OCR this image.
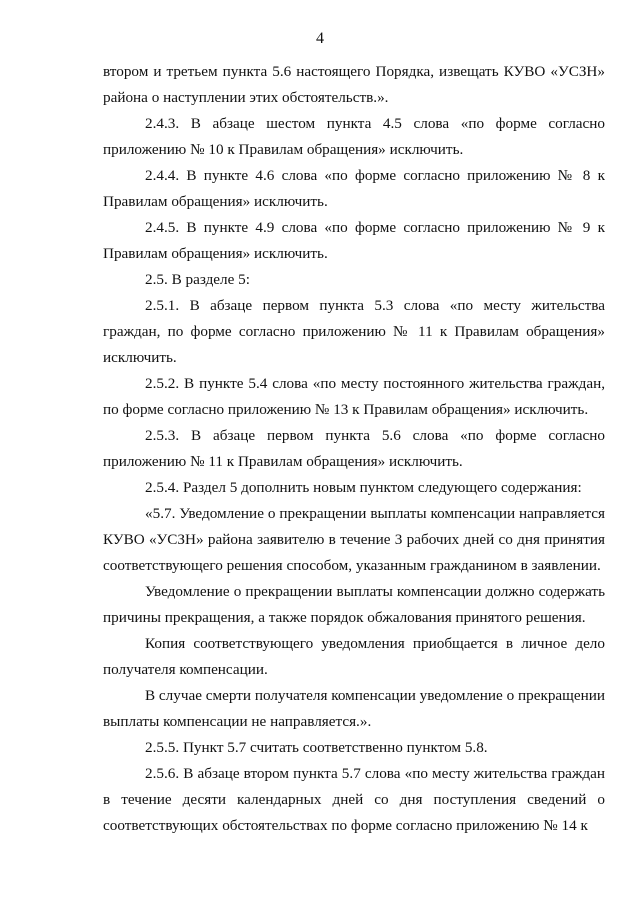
4

втором и третьем пункта 5.6 настоящего Порядка, извещать КУВО «УСЗН» района о наступлении этих обстоятельств.».

2.4.3. В абзаце шестом пункта 4.5 слова «по форме согласно приложению № 10 к Правилам обращения» исключить.

2.4.4. В пункте 4.6 слова «по форме согласно приложению № 8 к Правилам обращения» исключить.

2.4.5. В пункте 4.9 слова «по форме согласно приложению № 9 к Правилам обращения» исключить.

2.5. В разделе 5:

2.5.1. В абзаце первом пункта 5.3 слова «по месту жительства граждан, по форме согласно приложению № 11 к Правилам обращения» исключить.

2.5.2. В пункте 5.4 слова «по месту постоянного жительства граждан, по форме согласно приложению № 13 к Правилам обращения» исключить.

2.5.3. В абзаце первом пункта 5.6 слова «по форме согласно приложению № 11 к Правилам обращения» исключить.

2.5.4. Раздел 5 дополнить новым пунктом следующего содержания:

«5.7. Уведомление о прекращении выплаты компенсации направляется КУВО «УСЗН» района заявителю в течение 3 рабочих дней со дня принятия соответствующего решения способом, указанным гражданином в заявлении.

Уведомление о прекращении выплаты компенсации должно содержать причины прекращения, а также порядок обжалования принятого решения.

Копия соответствующего уведомления приобщается в личное дело получателя компенсации.

В случае смерти получателя компенсации уведомление о прекращении выплаты компенсации не направляется.».

2.5.5. Пункт 5.7 считать соответственно пунктом 5.8.

2.5.6. В абзаце втором пункта 5.7 слова «по месту жительства граждан в течение десяти календарных дней со дня поступления сведений о соответствующих обстоятельствах по форме согласно приложению № 14 к
